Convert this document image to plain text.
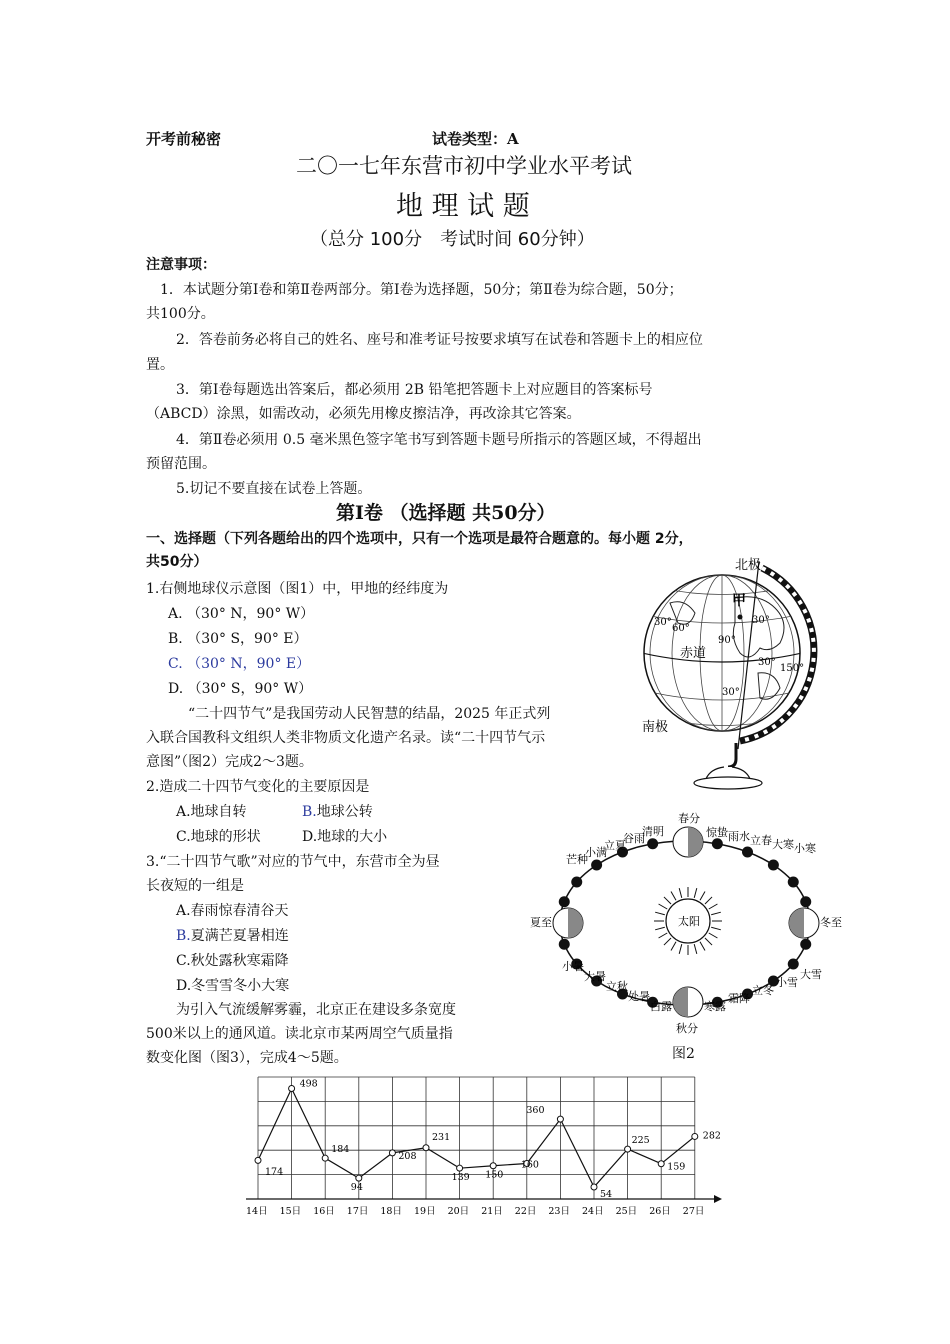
开考前秘密	试卷类型：A
二〇一七年东营市初中学业水平考试
地 理 试 题
（总分 100分　考试时间 60分钟）
注意事项：
1．本试题分第Ⅰ卷和第Ⅱ卷两部分。第Ⅰ卷为选择题，50分；第Ⅱ卷为综合题，50分；
共100分。
2．答卷前务必将自己的姓名、座号和准考证号按要求填写在试卷和答题卡上的相应位
置。
3．第Ⅰ卷每题选出答案后，都必须用 2B 铅笔把答题卡上对应题目的答案标号
（ABCD）涂黑，如需改动，必须先用橡皮擦洁净，再改涂其它答案。
4．第Ⅱ卷必须用 0.5 毫米黑色签字笔书写到答题卡题号所指示的答题区域，不得超出
预留范围。
5.切记不要直接在试卷上答题。
第Ⅰ卷 （选择题 共50分）
一、选择题（下列各题给出的四个选项中，只有一个选项是最符合题意的。每小题 2分，
共50分）
1.右侧地球仪示意图（图1）中，甲地的经纬度为
A. （30° N，90° W）
B. （30° S，90° E）
C. （30° N，90° E）
D. （30° S，90° W）
“二十四节气”是我国劳动人民智慧的结晶，2025 年正式列
入联合国教科文组织人类非物质文化遗产名录。读“二十四节气示
意图”（图2）完成2～3题。
2.造成二十四节气变化的主要原因是
A.地球自转	B.地球公转
C.地球的形状	D.地球的大小
3.“二十四节气歌”对应的节气中，东营市全为昼
长夜短的一组是
A.春雨惊春清谷天
B.夏满芒夏暑相连
C.秋处露秋寒霜降
D.冬雪雪冬小大寒
为引入气流缓解雾霾，北京正在建设多条宽度
500米以上的通风道。读北京市某两周空气质量指
数变化图（图3），完成4～5题。
北极
南极
甲
赤道
30°
60°
90°
30°
30°
150°
30°
太阳
春分
秋分
夏至	冬至
芒种
小满
立夏
谷雨
清明	惊蛰 雨水 立春 大寒 小寒
小暑
大暑
立秋
处暑
白露	寒露
霜降
立冬
小雪
大雪
图2
174
498
184
94
208
231
139 150
160
360
54
225
159
282
14日 15日 16日 17日 18日 19日 20日 21日 22日 23日 24日 25日 26日 27日
